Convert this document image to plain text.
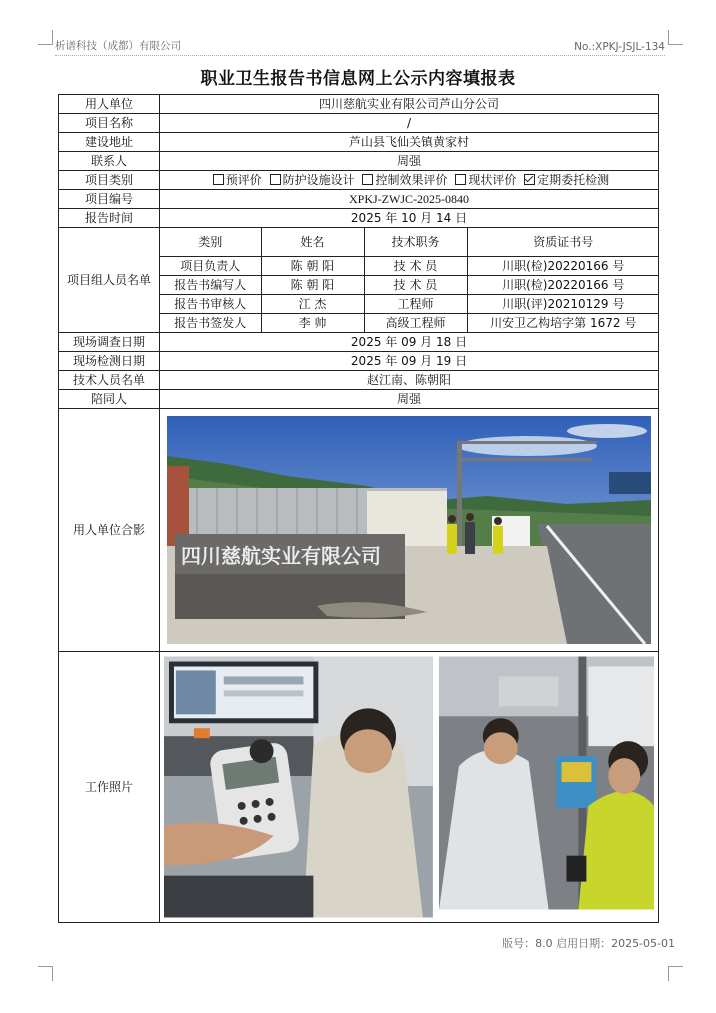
析谱科技（成都）有限公司	No.:XPKJ-JSJL-134
职业卫生报告书信息网上公示内容填报表
用人单位	四川慈航实业有限公司芦山分公司
项目名称	/
建设地址	芦山县飞仙关镇黄家村
联系人	周强
项目类别	预评价 防护设施设计 控制效果评价 现状评价 定期委托检测
项目编号	XPKJ-ZWJC-2025-0840
报告时间	2025 年 10 月 14 日
项目组人员名单	
类别	姓名	技术职务	资质证书号
项目负责人	陈 朝 阳	技 术 员	川职(检)20220166 号
报告书编写人	陈 朝 阳	技 术 员	川职(检)20220166 号
报告书审核人	江 杰	工程师	川职(评)20210129 号
报告书签发人	李 帅	高级工程师	川安卫乙构培字第 1672 号

现场调查日期	2025 年 09 月 18 日
现场检测日期	2025 年 09 月 19 日
技术人员名单	赵江南、陈朝阳
陪同人	周强
用人单位合影	
四川慈航实业有限公司

工作照片	
版号：8.0 启用日期：2025-05-01
